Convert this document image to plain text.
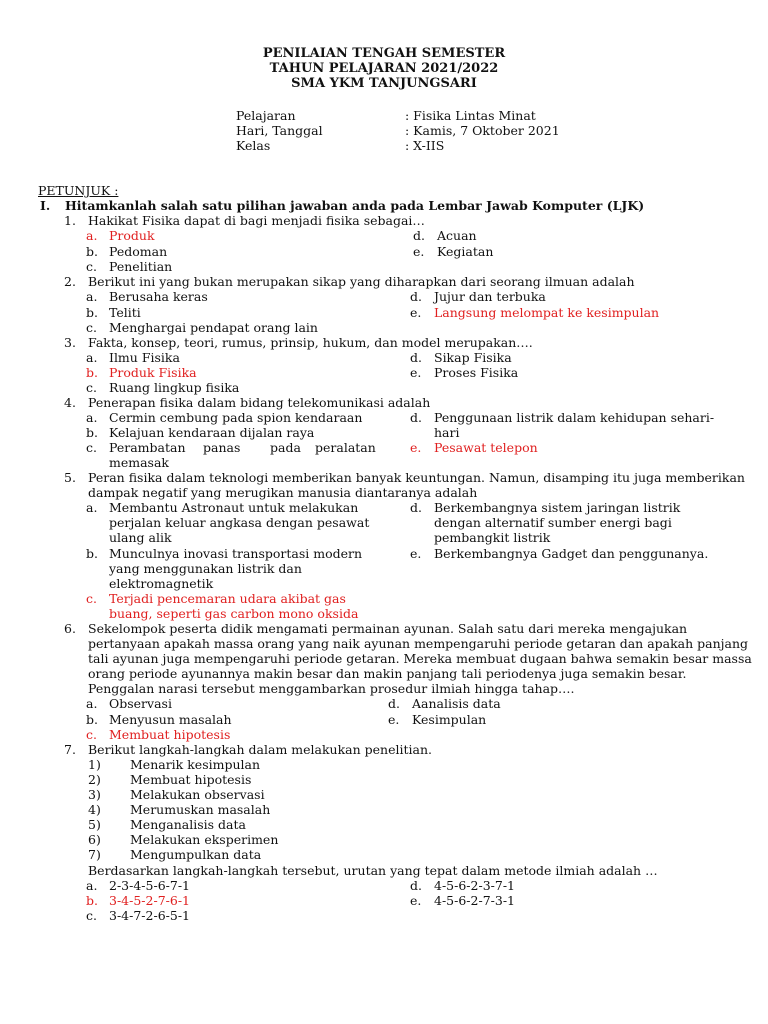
PENILAIAN TENGAH SEMESTER
TAHUN PELAJARAN 2021/2022
SMA YKM TANJUNGSARI
Pelajaran	: Fisika Lintas Minat
Hari, Tanggal	: Kamis, 7 Oktober 2021
Kelas	: X-IIS
PETUNJUK :
I. Hitamkanlah salah satu pilihan jawaban anda pada Lembar Jawab Komputer (LJK)
1. Hakikat Fisika dapat di bagi menjadi fisika sebagai…
a. Produk
b. Pedoman
c. Penelitian
d. Acuan
e. Kegiatan
2. Berikut ini yang bukan merupakan sikap yang diharapkan dari seorang ilmuan adalah
a. Berusaha keras
b. Teliti
c. Menghargai pendapat orang lain
d. Jujur dan terbuka
e. Langsung melompat ke kesimpulan
3. Fakta, konsep, teori, rumus, prinsip, hukum, dan model merupakan….
a. Ilmu Fisika
b. Produk Fisika
c. Ruang lingkup fisika
d. Sikap Fisika
e. Proses Fisika
4. Penerapan fisika dalam bidang telekomunikasi adalah
a. Cermin cembung pada spion kendaraan
b. Kelajuan kendaraan dijalan raya
c. Perambatan panas pada peralatan
memasak
d. Penggunaan listrik dalam kehidupan sehari-
hari
e. Pesawat telepon
5. Peran fisika dalam teknologi memberikan banyak keuntungan. Namun, disamping itu juga memberikan
dampak negatif yang merugikan manusia diantaranya adalah
a. Membantu Astronaut untuk melakukan
perjalan keluar angkasa dengan pesawat
ulang alik
b. Munculnya inovasi transportasi modern
yang menggunakan listrik dan
elektromagnetik
c. Terjadi pencemaran udara akibat gas
buang, seperti gas carbon mono oksida
d. Berkembangnya sistem jaringan listrik
dengan alternatif sumber energi bagi
pembangkit listrik
e. Berkembangnya Gadget dan penggunanya.
6. Sekelompok peserta didik mengamati permainan ayunan. Salah satu dari mereka mengajukan
pertanyaan apakah massa orang yang naik ayunan mempengaruhi periode getaran dan apakah panjang
tali ayunan juga mempengaruhi periode getaran. Mereka membuat dugaan bahwa semakin besar massa
orang periode ayunannya makin besar dan makin panjang tali periodenya juga semakin besar.
Penggalan narasi tersebut menggambarkan prosedur ilmiah hingga tahap….
a. Observasi
b. Menyusun masalah
c. Membuat hipotesis
d. Aanalisis data
e. Kesimpulan
7. Berikut langkah-langkah dalam melakukan penelitian.
1) Menarik kesimpulan
2) Membuat hipotesis
3) Melakukan observasi
4) Merumuskan masalah
5) Menganalisis data
6) Melakukan eksperimen
7) Mengumpulkan data
Berdasarkan langkah-langkah tersebut, urutan yang tepat dalam metode ilmiah adalah …
a. 2-3-4-5-6-7-1
b. 3-4-5-2-7-6-1
c. 3-4-7-2-6-5-1
d. 4-5-6-2-3-7-1
e. 4-5-6-2-7-3-1
